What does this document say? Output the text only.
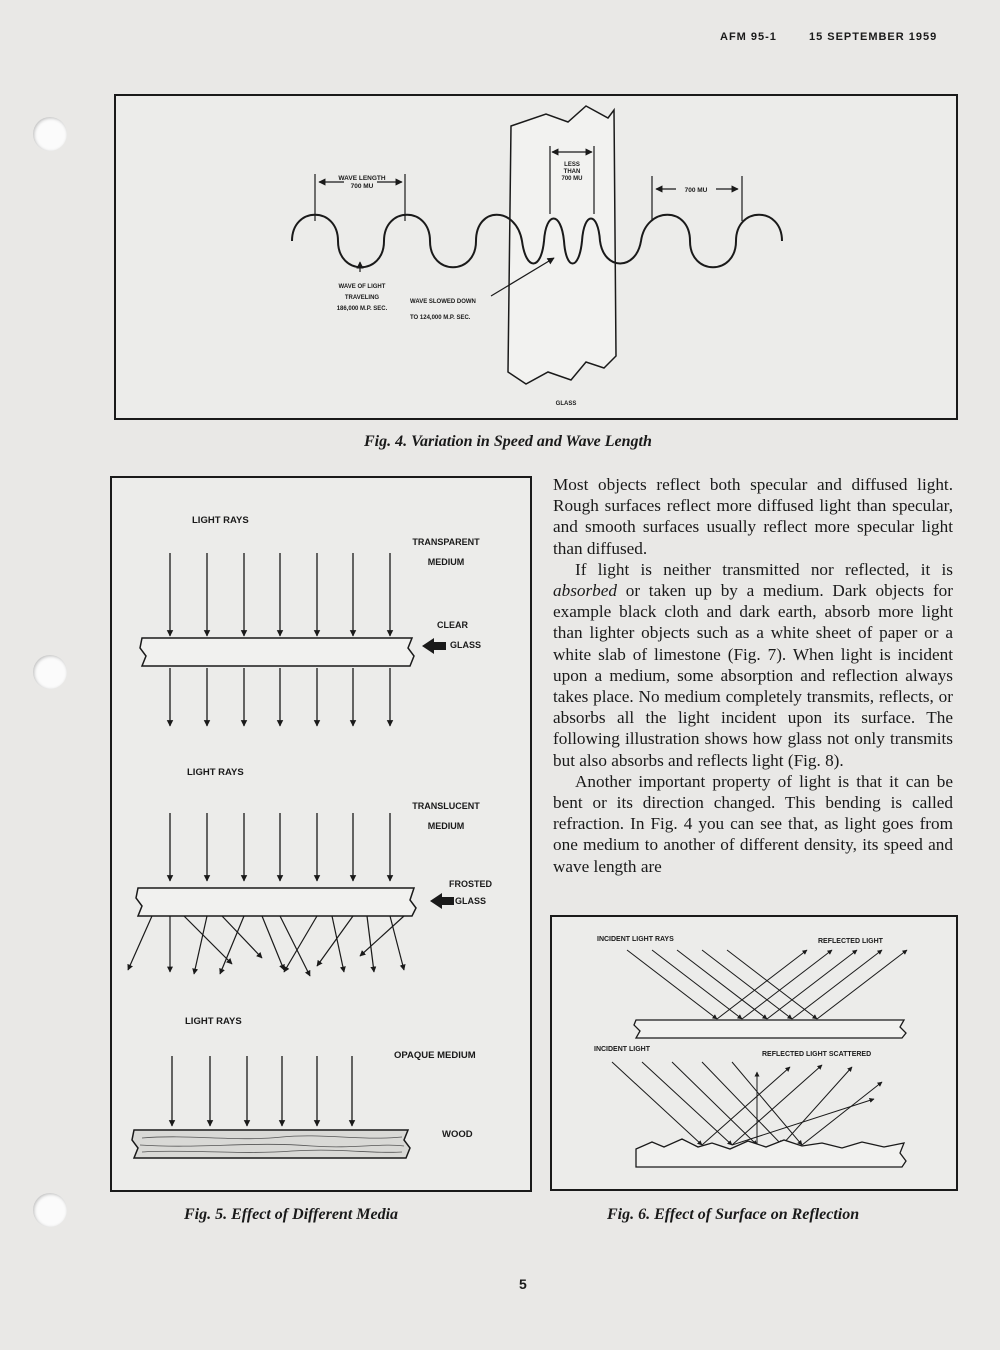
AFM 95-1	15 SEPTEMBER 1959
WAVE LENGTH 700 MU
LESS THAN 700 MU
700 MU
WAVE OF LIGHT TRAVELING 186,000 M.P. SEC.
WAVE SLOWED DOWN TO 124,000 M.P. SEC.
GLASS
Fig. 4. Variation in Speed and Wave Length
LIGHT RAYS
TRANSPARENT MEDIUM
CLEAR GLASS
LIGHT RAYS
TRANSLUCENT MEDIUM
FROSTED GLASS
LIGHT RAYS
OPAQUE MEDIUM
WOOD
Fig. 5. Effect of Different Media

Most objects reflect both specular and diffused light. Rough surfaces reflect more diffused light than specular, and smooth surfaces usually reflect more specular light than diffused.

If light is neither transmitted nor reflected, it is absorbed or taken up by a medium. Dark objects for example black cloth and dark earth, absorb more light than lighter objects such as a white sheet of paper or a white slab of limestone (Fig. 7). When light is incident upon a medium, some absorption and reflection always takes place. No medium completely transmits, reflects, or absorbs all the light incident upon its surface. The following illustration shows how glass not only transmits but also absorbs and reflects light (Fig. 8).

Another important property of light is that it can be bent or its direction changed. This bending is called refraction. In Fig. 4 you can see that, as light goes from one medium to another of different density, its speed and wave length are

INCIDENT LIGHT RAYS	REFLECTED LIGHT
INCIDENT LIGHT
REFLECTED LIGHT SCATTERED
Fig. 6. Effect of Surface on Reflection
5
